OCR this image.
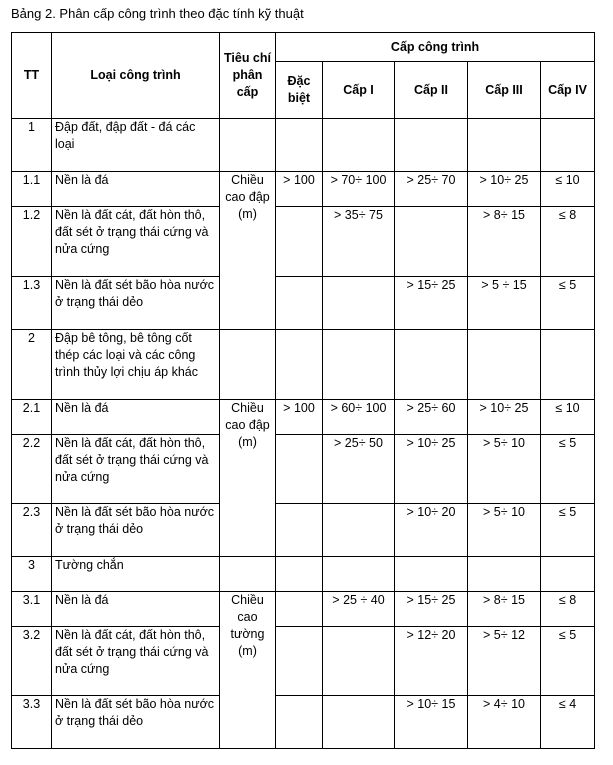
Bảng 2. Phân cấp công trình theo đặc tính kỹ thuật
TT	Loại công trình	Tiêu chí phân cấp	Cấp công trình				
			Đặc biệt	Cấp I	Cấp II	Cấp III	Cấp IV
1	Đập đất, đập đất - đá các loại						
1.1	Nền là đá	Chiều cao đập (m)	> 100	> 70÷ 100	> 25÷ 70	> 10÷ 25	≤ 10
1.2	Nền là đất cát, đất hòn thô, đất sét ở trạng thái cứng và nửa cứng			> 35÷ 75		> 8÷ 15	≤ 8
1.3	Nền là đất sét bão hòa nước ở trạng thái dẻo				> 15÷ 25	> 5 ÷ 15	≤ 5
2	Đập bê tông, bê tông cốt thép các loại và các công trình thủy lợi chịu áp khác						
2.1	Nền là đá	Chiều cao đập (m)	> 100	> 60÷ 100	> 25÷ 60	> 10÷ 25	≤ 10
2.2	Nền là đất cát, đất hòn thô, đất sét ở trạng thái cứng và nửa cứng			> 25÷ 50	> 10÷ 25	> 5÷ 10	≤ 5
2.3	Nền là đất sét bão hòa nước ở trạng thái dẻo				> 10÷ 20	> 5÷ 10	≤ 5
3	Tường chắn						
3.1	Nền là đá	Chiều cao tường (m)		> 25 ÷ 40	> 15÷ 25	> 8÷ 15	≤ 8
3.2	Nền là đất cát, đất hòn thô, đất sét ở trạng thái cứng và nửa cứng				> 12÷ 20	> 5÷ 12	≤ 5
3.3	Nền là đất sét bão hòa nước ở trạng thái dẻo				> 10÷ 15	> 4÷ 10	≤ 4
